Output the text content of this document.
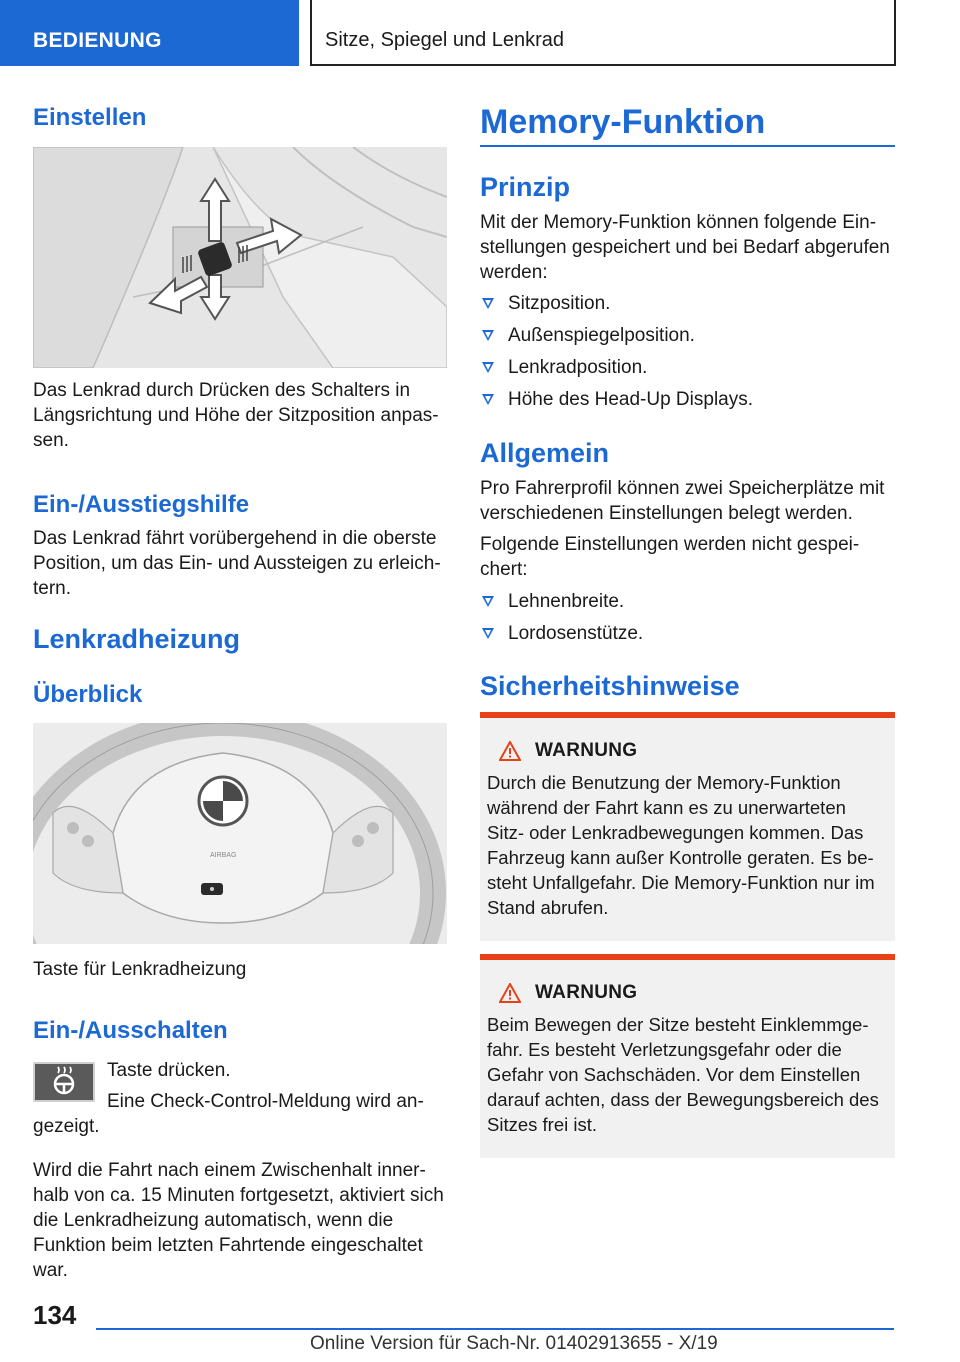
BEDIENUNG	Sitze, Spiegel und Lenkrad
Einstellen

Das Lenkrad durch Drücken des Schalters in Längsrichtung und Höhe der Sitzposition anpas-sen.

Ein-/Ausstiegshilfe

Das Lenkrad fährt vorübergehend in die oberste Position, um das Ein- und Aussteigen zu erleich-tern.

Lenkradheizung
Überblick
AIRBAG

Taste für Lenkradheizung

Ein-/Ausschalten

Taste drücken.

Eine Check-Control-Meldung wird an-

gezeigt.

Wird die Fahrt nach einem Zwischenhalt inner-halb von ca. 15 Minuten fortgesetzt, aktiviert sich die Lenkradheizung automatisch, wenn die Funktion beim letzten Fahrtende eingeschaltet war.

Memory-Funktion
Prinzip

Mit der Memory-Funktion können folgende Ein-stellungen gespeichert und bei Bedarf abgerufen werden:

Sitzposition.
Außenspiegelposition.
Lenkradposition.
Höhe des Head-Up Displays.
Allgemein

Pro Fahrerprofil können zwei Speicherplätze mit verschiedenen Einstellungen belegt werden.

Folgende Einstellungen werden nicht gespei-chert:

Lehnenbreite.
Lordosenstütze.
Sicherheitshinweise
WARNUNG

Durch die Benutzung der Memory-Funktion während der Fahrt kann es zu unerwarteten Sitz- oder Lenkradbewegungen kommen. Das Fahrzeug kann außer Kontrolle geraten. Es be-steht Unfallgefahr. Die Memory-Funktion nur im Stand abrufen.

WARNUNG

Beim Bewegen der Sitze besteht Einklemmge-fahr. Es besteht Verletzungsgefahr oder die Gefahr von Sachschäden. Vor dem Einstellen darauf achten, dass der Bewegungsbereich des Sitzes frei ist.

134
Online Version für Sach-Nr. 01402913655 - X/19
